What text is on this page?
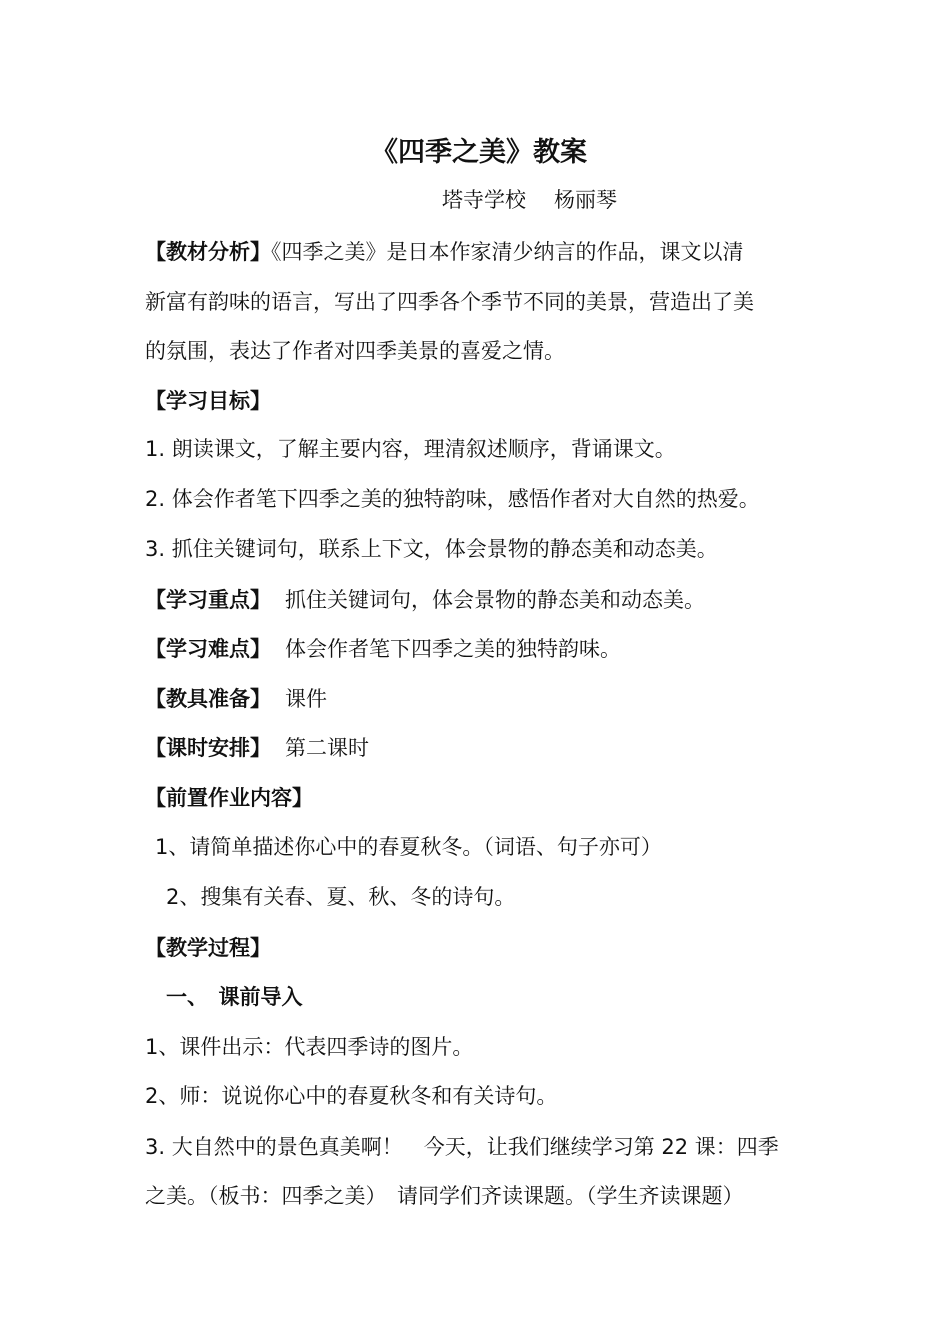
《四季之美》教案
塔寺学校 杨丽琴
【教材分析】《四季之美》是日本作家清少纳言的作品，课文以清
新富有韵味的语言，写出了四季各个季节不同的美景，营造出了美
的氛围，表达了作者对四季美景的喜爱之情。
【学习目标】
1. 朗读课文，了解主要内容，理清叙述顺序，背诵课文。
2. 体会作者笔下四季之美的独特韵味，感悟作者对大自然的热爱。
3. 抓住关键词句，联系上下文，体会景物的静态美和动态美。
【学习重点】 抓住关键词句，体会景物的静态美和动态美。
【学习难点】 体会作者笔下四季之美的独特韵味。
【教具准备】 课件
【课时安排】 第二课时
【前置作业内容】
1、请简单描述你心中的春夏秋冬。（词语、句子亦可）
2、搜集有关春、夏、秋、冬的诗句。
【教学过程】
一、　课前导入
1、课件出示：代表四季诗的图片。
2、师：说说你心中的春夏秋冬和有关诗句。
3. 大自然中的景色真美啊！　今天，让我们继续学习第 22 课：四季
之美。（板书：四季之美）　请同学们齐读课题。（学生齐读课题）
